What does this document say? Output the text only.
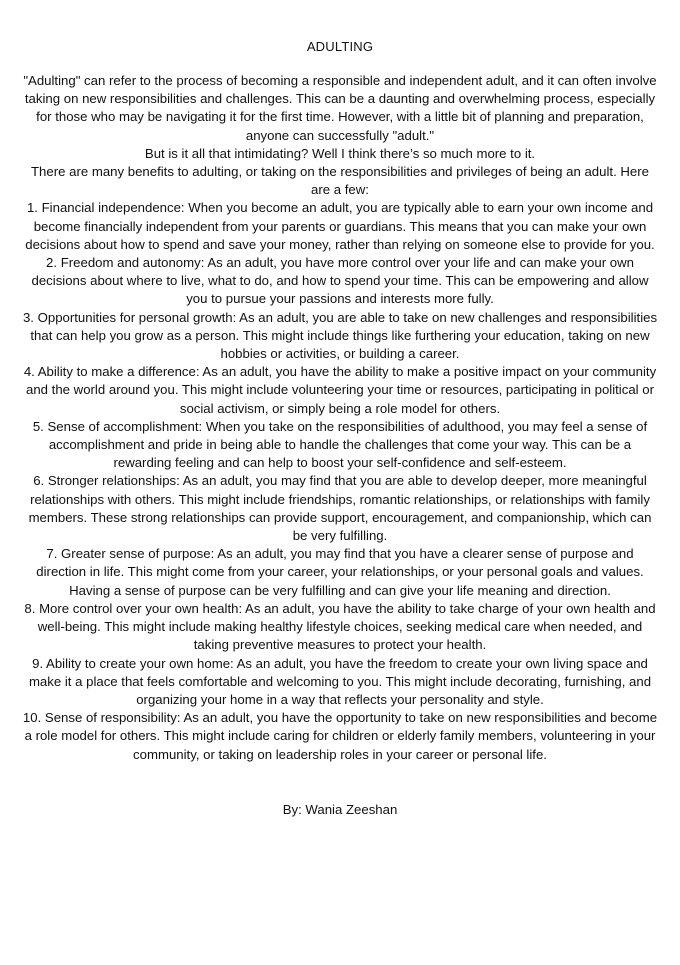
ADULTING

"Adulting" can refer to the process of becoming a responsible and independent adult, and it can often involve taking on new responsibilities and challenges. This can be a daunting and overwhelming process, especially for those who may be navigating it for the first time. However, with a little bit of planning and preparation, anyone can successfully "adult."

But is it all that intimidating? Well I think there’s so much more to it.

There are many benefits to adulting, or taking on the responsibilities and privileges of being an adult. Here are a few:

1. Financial independence: When you become an adult, you are typically able to earn your own income and become financially independent from your parents or guardians. This means that you can make your own decisions about how to spend and save your money, rather than relying on someone else to provide for you.

2. Freedom and autonomy: As an adult, you have more control over your life and can make your own decisions about where to live, what to do, and how to spend your time. This can be empowering and allow you to pursue your passions and interests more fully.

3. Opportunities for personal growth: As an adult, you are able to take on new challenges and responsibilities that can help you grow as a person. This might include things like furthering your education, taking on new hobbies or activities, or building a career.

4. Ability to make a difference: As an adult, you have the ability to make a positive impact on your community and the world around you. This might include volunteering your time or resources, participating in political or social activism, or simply being a role model for others.

5. Sense of accomplishment: When you take on the responsibilities of adulthood, you may feel a sense of accomplishment and pride in being able to handle the challenges that come your way. This can be a rewarding feeling and can help to boost your self-confidence and self-esteem.

6. Stronger relationships: As an adult, you may find that you are able to develop deeper, more meaningful relationships with others. This might include friendships, romantic relationships, or relationships with family members. These strong relationships can provide support, encouragement, and companionship, which can be very fulfilling.

7. Greater sense of purpose: As an adult, you may find that you have a clearer sense of purpose and direction in life. This might come from your career, your relationships, or your personal goals and values. Having a sense of purpose can be very fulfilling and can give your life meaning and direction.

8. More control over your own health: As an adult, you have the ability to take charge of your own health and well-being. This might include making healthy lifestyle choices, seeking medical care when needed, and taking preventive measures to protect your health.

9. Ability to create your own home: As an adult, you have the freedom to create your own living space and make it a place that feels comfortable and welcoming to you. This might include decorating, furnishing, and organizing your home in a way that reflects your personality and style.

10. Sense of responsibility: As an adult, you have the opportunity to take on new responsibilities and become a role model for others. This might include caring for children or elderly family members, volunteering in your community, or taking on leadership roles in your career or personal life.

By: Wania Zeeshan
